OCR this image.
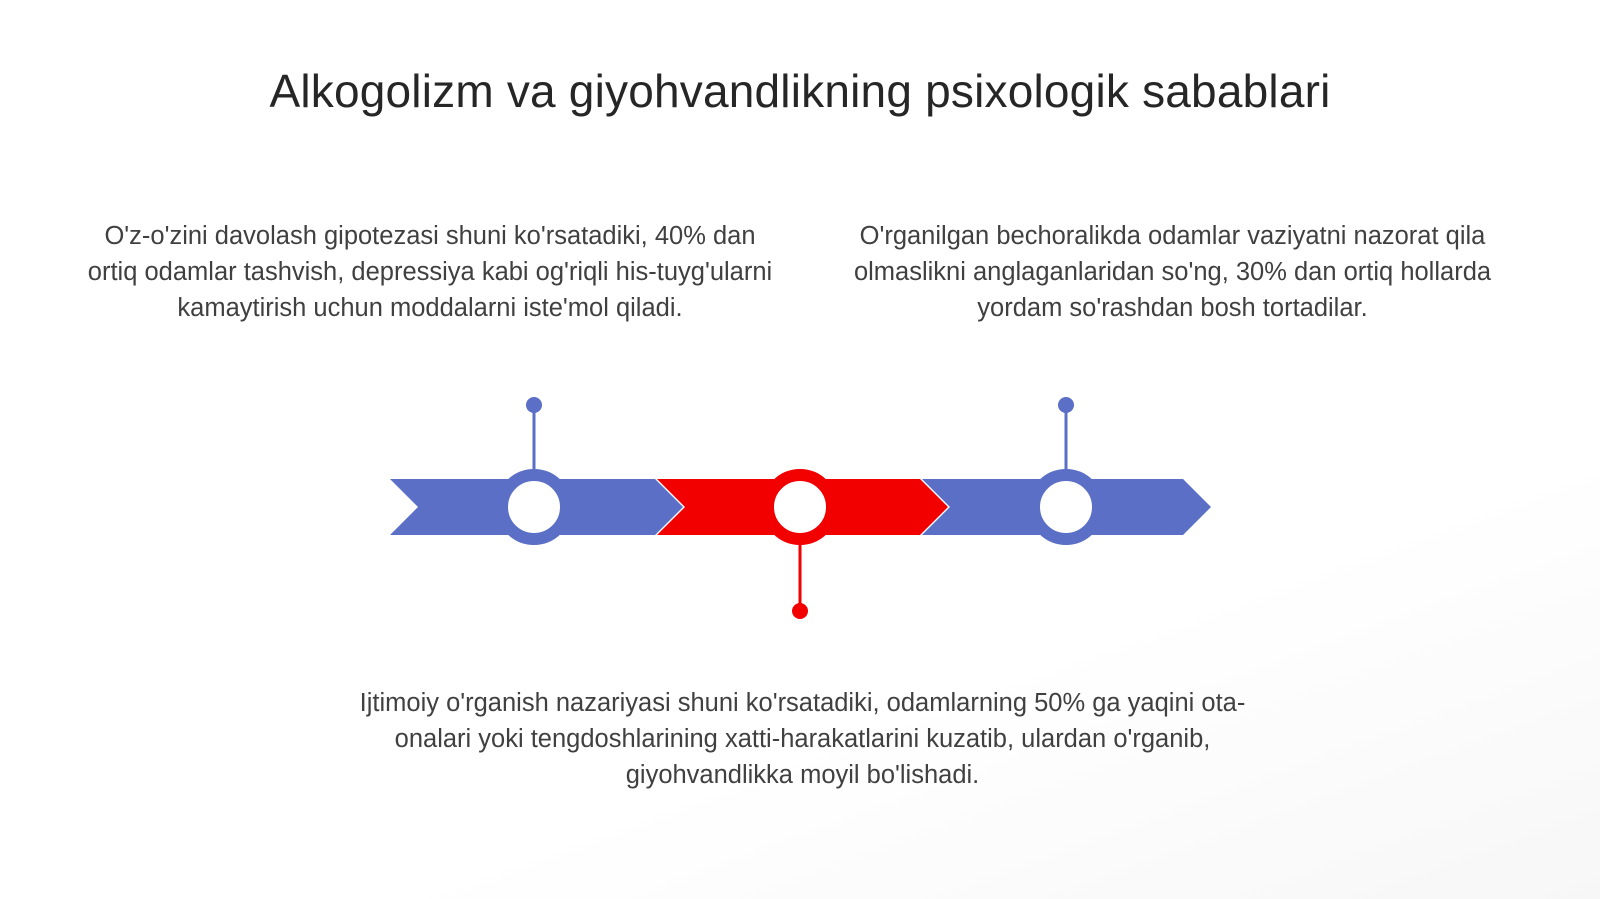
Alkogolizm va giyohvandlikning psixologik sabablari
O'z-o'zini davolash gipotezasi shuni ko'rsatadiki, 40% dan ortiq odamlar tashvish, depressiya kabi og'riqli his-tuyg'ularni kamaytirish uchun moddalarni iste'mol qiladi.
O'rganilgan bechoralikda odamlar vaziyatni nazorat qila olmaslikni anglaganlaridan so'ng, 30% dan ortiq hollarda yordam so'rashdan bosh tortadilar.
Ijtimoiy o'rganish nazariyasi shuni ko'rsatadiki, odamlarning 50% ga yaqini ota-onalari yoki tengdoshlarining xatti-harakatlarini kuzatib, ulardan o'rganib, giyohvandlikka moyil bo'lishadi.
